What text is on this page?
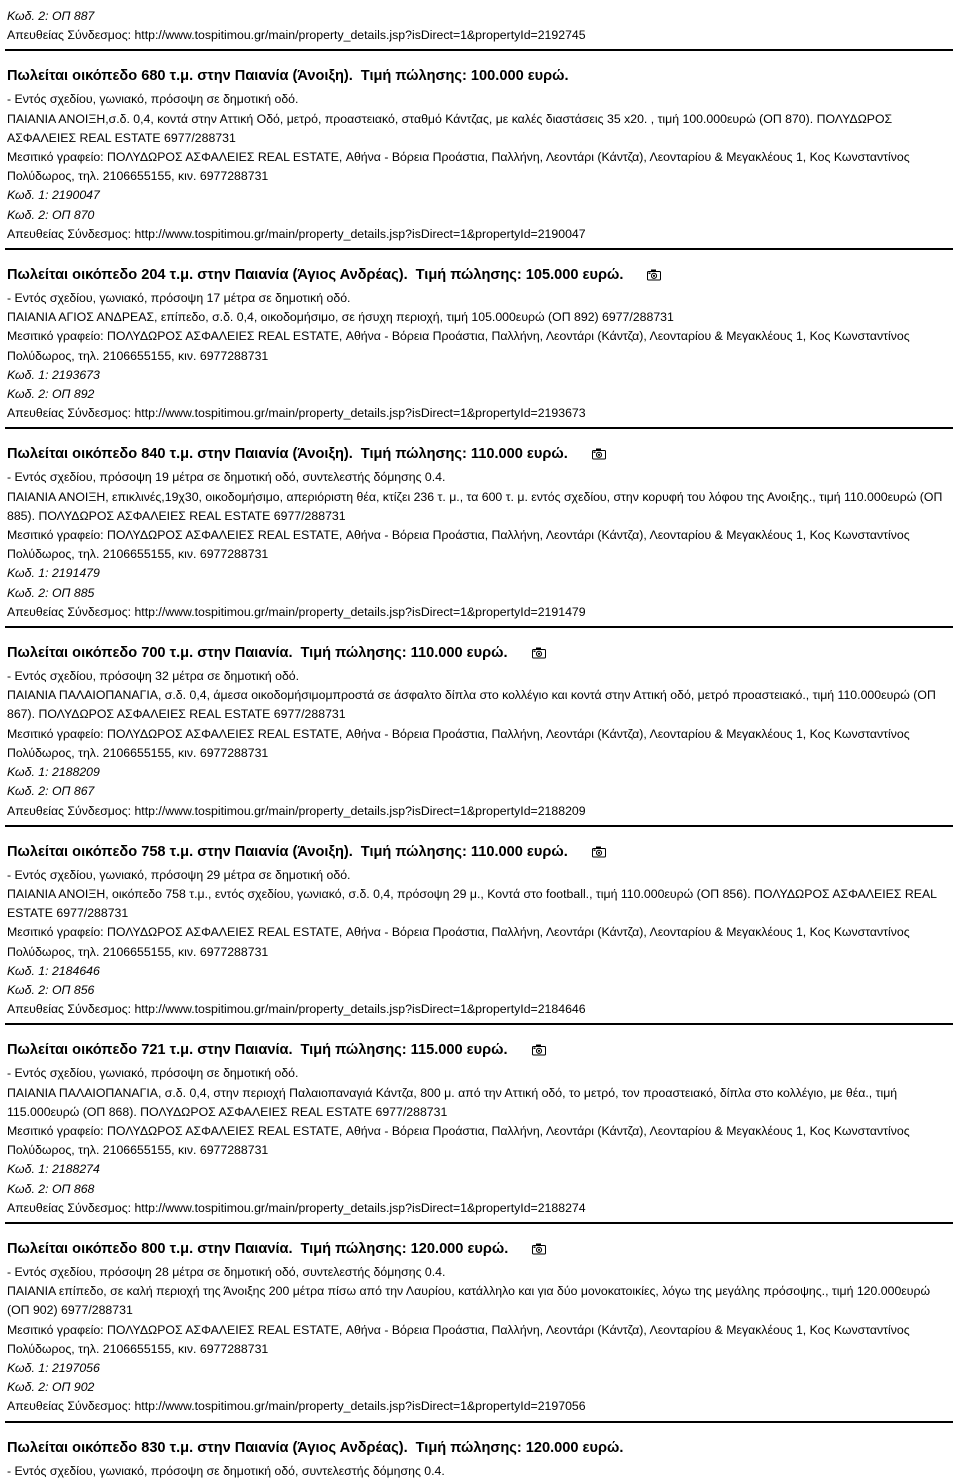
Κωδ. 2: ΟΠ 887
Απευθείας Σύνδεσμος: http://www.tospitimou.gr/main/property_details.jsp?isDirect=1&propertyId=2192745
Πωλείται οικόπεδο 680 τ.μ. στην Παιανία (Άνοιξη). Τιμή πώλησης: 100.000 ευρώ.
- Εντός σχεδίου, γωνιακό, πρόσοψη σε δημοτική οδό.
ΠΑΙΑΝΙΑ ΑΝΟΙΞΗ,σ.δ. 0,4, κοντά στην Αττική Οδό, μετρό, προαστειακό, σταθμό Κάντζας, με καλές διαστάσεις 35 x20. , τιμή 100.000ευρώ (ΟΠ 870). ΠΟΛΥΔΩΡΟΣ ΑΣΦΑΛΕΙΕΣ REAL ESTATE 6977/288731
Μεσιτικό γραφείο: ΠΟΛΥΔΩΡΟΣ ΑΣΦΑΛΕΙΕΣ REAL ESTATE, Αθήνα - Βόρεια Προάστια, Παλλήνη, Λεοντάρι (Κάντζα), Λεονταρίου & Μεγακλέους 1, Κος Κωνσταντίνος Πολύδωρος, τηλ. 2106655155, κιν. 6977288731
Κωδ. 1: 2190047
Κωδ. 2: ΟΠ 870
Απευθείας Σύνδεσμος: http://www.tospitimou.gr/main/property_details.jsp?isDirect=1&propertyId=2190047
Πωλείται οικόπεδο 204 τ.μ. στην Παιανία (Άγιος Ανδρέας). Τιμή πώλησης: 105.000 ευρώ.
- Εντός σχεδίου, γωνιακό, πρόσοψη 17 μέτρα σε δημοτική οδό.
ΠΑΙΑΝΙΑ ΑΓΙΟΣ ΑΝΔΡΕΑΣ, επίπεδο, σ.δ. 0,4, οικοδομήσιμο, σε ήσυχη περιοχή, τιμή 105.000ευρώ (ΟΠ 892) 6977/288731
Μεσιτικό γραφείο: ΠΟΛΥΔΩΡΟΣ ΑΣΦΑΛΕΙΕΣ REAL ESTATE, Αθήνα - Βόρεια Προάστια, Παλλήνη, Λεοντάρι (Κάντζα), Λεονταρίου & Μεγακλέους 1, Κος Κωνσταντίνος Πολύδωρος, τηλ. 2106655155, κιν. 6977288731
Κωδ. 1: 2193673
Κωδ. 2: ΟΠ 892
Απευθείας Σύνδεσμος: http://www.tospitimou.gr/main/property_details.jsp?isDirect=1&propertyId=2193673
Πωλείται οικόπεδο 840 τ.μ. στην Παιανία (Άνοιξη). Τιμή πώλησης: 110.000 ευρώ.
- Εντός σχεδίου, πρόσοψη 19 μέτρα σε δημοτική οδό, συντελεστής δόμησης 0.4.
ΠΑΙΑΝΙΑ ΑΝΟΙΞΗ, επικλινές,19χ30, οικοδομήσιμο, απεριόριστη θέα, κτίζει 236 τ. μ., τα 600 τ. μ. εντός σχεδίου, στην κορυφή του λόφου της Ανοιξης., τιμή 110.000ευρώ (ΟΠ 885). ΠΟΛΥΔΩΡΟΣ ΑΣΦΑΛΕΙΕΣ REAL ESTATE 6977/288731
Μεσιτικό γραφείο: ΠΟΛΥΔΩΡΟΣ ΑΣΦΑΛΕΙΕΣ REAL ESTATE, Αθήνα - Βόρεια Προάστια, Παλλήνη, Λεοντάρι (Κάντζα), Λεονταρίου & Μεγακλέους 1, Κος Κωνσταντίνος Πολύδωρος, τηλ. 2106655155, κιν. 6977288731
Κωδ. 1: 2191479
Κωδ. 2: ΟΠ 885
Απευθείας Σύνδεσμος: http://www.tospitimou.gr/main/property_details.jsp?isDirect=1&propertyId=2191479
Πωλείται οικόπεδο 700 τ.μ. στην Παιανία. Τιμή πώλησης: 110.000 ευρώ.
- Εντός σχεδίου, πρόσοψη 32 μέτρα σε δημοτική οδό.
ΠΑΙΑΝΙΑ ΠΑΛΑΙΟΠΑΝΑΓΙΑ, σ.δ. 0,4, άμεσα οικοδομήσιμομπροστά σε άσφαλτο δίπλα στο κολλέγιο και κοντά στην Αττική οδό, μετρό προαστειακό., τιμή 110.000ευρώ (ΟΠ 867). ΠΟΛΥΔΩΡΟΣ ΑΣΦΑΛΕΙΕΣ REAL ESTATE 6977/288731
Μεσιτικό γραφείο: ΠΟΛΥΔΩΡΟΣ ΑΣΦΑΛΕΙΕΣ REAL ESTATE, Αθήνα - Βόρεια Προάστια, Παλλήνη, Λεοντάρι (Κάντζα), Λεονταρίου & Μεγακλέους 1, Κος Κωνσταντίνος Πολύδωρος, τηλ. 2106655155, κιν. 6977288731
Κωδ. 1: 2188209
Κωδ. 2: ΟΠ 867
Απευθείας Σύνδεσμος: http://www.tospitimou.gr/main/property_details.jsp?isDirect=1&propertyId=2188209
Πωλείται οικόπεδο 758 τ.μ. στην Παιανία (Άνοιξη). Τιμή πώλησης: 110.000 ευρώ.
- Εντός σχεδίου, γωνιακό, πρόσοψη 29 μέτρα σε δημοτική οδό.
ΠΑΙΑΝΙΑ ΑΝΟΙΞΗ, οικόπεδο 758 τ.μ., εντός σχεδίου, γωνιακό, σ.δ. 0,4, πρόσοψη 29 μ., Κοντά στο football., τιμή 110.000ευρώ (ΟΠ 856). ΠΟΛΥΔΩΡΟΣ ΑΣΦΑΛΕΙΕΣ REAL ESTATE 6977/288731
Μεσιτικό γραφείο: ΠΟΛΥΔΩΡΟΣ ΑΣΦΑΛΕΙΕΣ REAL ESTATE, Αθήνα - Βόρεια Προάστια, Παλλήνη, Λεοντάρι (Κάντζα), Λεονταρίου & Μεγακλέους 1, Κος Κωνσταντίνος Πολύδωρος, τηλ. 2106655155, κιν. 6977288731
Κωδ. 1: 2184646
Κωδ. 2: ΟΠ 856
Απευθείας Σύνδεσμος: http://www.tospitimou.gr/main/property_details.jsp?isDirect=1&propertyId=2184646
Πωλείται οικόπεδο 721 τ.μ. στην Παιανία. Τιμή πώλησης: 115.000 ευρώ.
- Εντός σχεδίου, γωνιακό, πρόσοψη σε δημοτική οδό.
ΠΑΙΑΝΙΑ ΠΑΛΑΙΟΠΑΝΑΓΙΑ, σ.δ. 0,4, στην περιοχή Παλαιοπαναγιά Κάντζα, 800 μ. από την Αττική οδό, το μετρό, τον προαστειακό, δίπλα στο κολλέγιο, με θέα., τιμή 115.000ευρώ (ΟΠ 868). ΠΟΛΥΔΩΡΟΣ ΑΣΦΑΛΕΙΕΣ REAL ESTATE 6977/288731
Μεσιτικό γραφείο: ΠΟΛΥΔΩΡΟΣ ΑΣΦΑΛΕΙΕΣ REAL ESTATE, Αθήνα - Βόρεια Προάστια, Παλλήνη, Λεοντάρι (Κάντζα), Λεονταρίου & Μεγακλέους 1, Κος Κωνσταντίνος Πολύδωρος, τηλ. 2106655155, κιν. 6977288731
Κωδ. 1: 2188274
Κωδ. 2: ΟΠ 868
Απευθείας Σύνδεσμος: http://www.tospitimou.gr/main/property_details.jsp?isDirect=1&propertyId=2188274
Πωλείται οικόπεδο 800 τ.μ. στην Παιανία. Τιμή πώλησης: 120.000 ευρώ.
- Εντός σχεδίου, πρόσοψη 28 μέτρα σε δημοτική οδό, συντελεστής δόμησης 0.4.
ΠΑΙΑΝΙΑ επίπεδο, σε καλή περιοχή της Άνοιξης 200 μέτρα πίσω από την Λαυρίου, κατάλληλο και για δύο μονοκατοικίες, λόγω της μεγάλης πρόσοψης., τιμή 120.000ευρώ (ΟΠ 902) 6977/288731
Μεσιτικό γραφείο: ΠΟΛΥΔΩΡΟΣ ΑΣΦΑΛΕΙΕΣ REAL ESTATE, Αθήνα - Βόρεια Προάστια, Παλλήνη, Λεοντάρι (Κάντζα), Λεονταρίου & Μεγακλέους 1, Κος Κωνσταντίνος Πολύδωρος, τηλ. 2106655155, κιν. 6977288731
Κωδ. 1: 2197056
Κωδ. 2: ΟΠ 902
Απευθείας Σύνδεσμος: http://www.tospitimou.gr/main/property_details.jsp?isDirect=1&propertyId=2197056
Πωλείται οικόπεδο 830 τ.μ. στην Παιανία (Άγιος Ανδρέας). Τιμή πώλησης: 120.000 ευρώ.
- Εντός σχεδίου, γωνιακό, πρόσοψη σε δημοτική οδό, συντελεστής δόμησης 0.4.
